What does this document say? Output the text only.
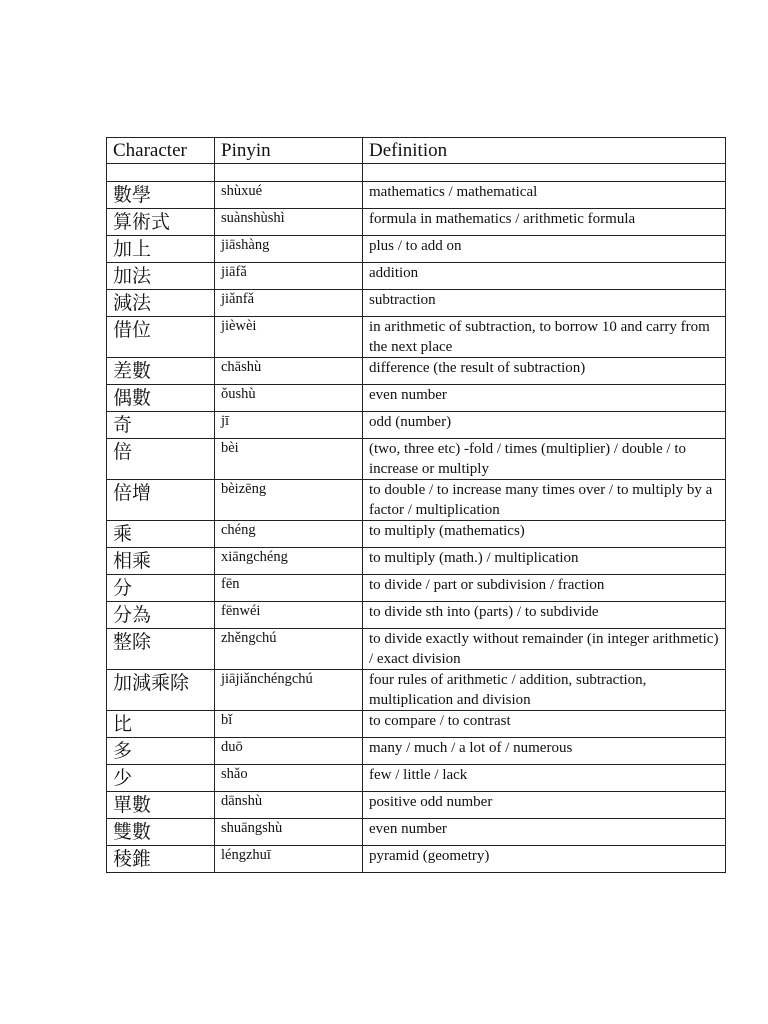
Character	Pinyin	Definition

數學	shùxué	mathematics / mathematical
算術式	suànshùshì	formula in mathematics / arithmetic formula
加上	jiāshàng	plus / to add on
加法	jiāfǎ	addition
減法	jiǎnfǎ	subtraction
借位	jièwèi	in arithmetic of subtraction, to borrow 10 and carry from the next place
差數	chāshù	difference (the result of subtraction)
偶數	ǒushù	even number
奇	jī	odd (number)
倍	bèi	(two, three etc) -fold / times (multiplier) / double / to increase or multiply
倍增	bèizēng	to double / to increase many times over / to multiply by a factor / multiplication
乘	chéng	to multiply (mathematics)
相乘	xiāngchéng	to multiply (math.) / multiplication
分	fēn	to divide / part or subdivision / fraction
分為	fēnwéi	to divide sth into (parts) / to subdivide
整除	zhěngchú	to divide exactly without remainder (in integer arithmetic) / exact division
加減乘除	jiājiǎnchéngchú	four rules of arithmetic / addition, subtraction, multiplication and division
比	bǐ	to compare / to contrast
多	duō	many / much / a lot of / numerous
少	shǎo	few / little / lack
單數	dānshù	positive odd number
雙數	shuāngshù	even number
稜錐	léngzhuī	pyramid (geometry)
